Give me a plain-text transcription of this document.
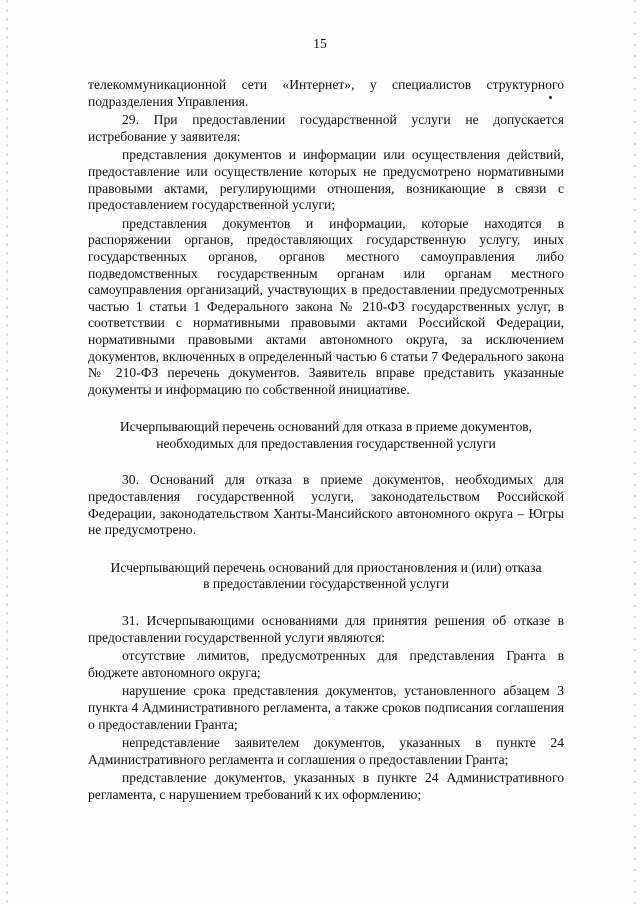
15

телекоммуникационной сети «Интернет», у специалистов структурного подразделения Управления.

29. При предоставлении государственной услуги не допускается истребование у заявителя:

представления документов и информации или осуществления действий, предоставление или осуществление которых не предусмотрено нормативными правовыми актами, регулирующими отношения, возникающие в связи с предоставлением государственной услуги;

представления документов и информации, которые находятся в распоряжении органов, предоставляющих государственную услугу, иных государственных органов, органов местного самоуправления либо подведомственных государственным органам или органам местного самоуправления организаций, участвующих в предоставлении предусмотренных частью 1 статьи 1 Федерального закона № 210-ФЗ государственных услуг, в соответствии с нормативными правовыми актами Российской Федерации, нормативными правовыми актами автономного округа, за исключением документов, включенных в определенный частью 6 статьи 7 Федерального закона № 210-ФЗ перечень документов. Заявитель вправе представить указанные документы и информацию по собственной инициативе.

Исчерпывающий перечень оснований для отказа в приеме документов,
необходимых для предоставления государственной услуги

30. Оснований для отказа в приеме документов, необходимых для предоставления государственной услуги, законодательством Российской Федерации, законодательством Ханты-Мансийского автономного округа – Югры не предусмотрено.

Исчерпывающий перечень оснований для приостановления и (или) отказа
в предоставлении государственной услуги

31. Исчерпывающими основаниями для принятия решения об отказе в предоставлении государственной услуги являются:

отсутствие лимитов, предусмотренных для представления Гранта в бюджете автономного округа;

нарушение срока представления документов, установленного абзацем 3 пункта 4 Административного регламента, а также сроков подписания соглашения о предоставлении Гранта;

непредставление заявителем документов, указанных в пункте 24 Административного регламента и соглашения о предоставлении Гранта;

представление документов, указанных в пункте 24 Административного регламента, с нарушением требований к их оформлению;
